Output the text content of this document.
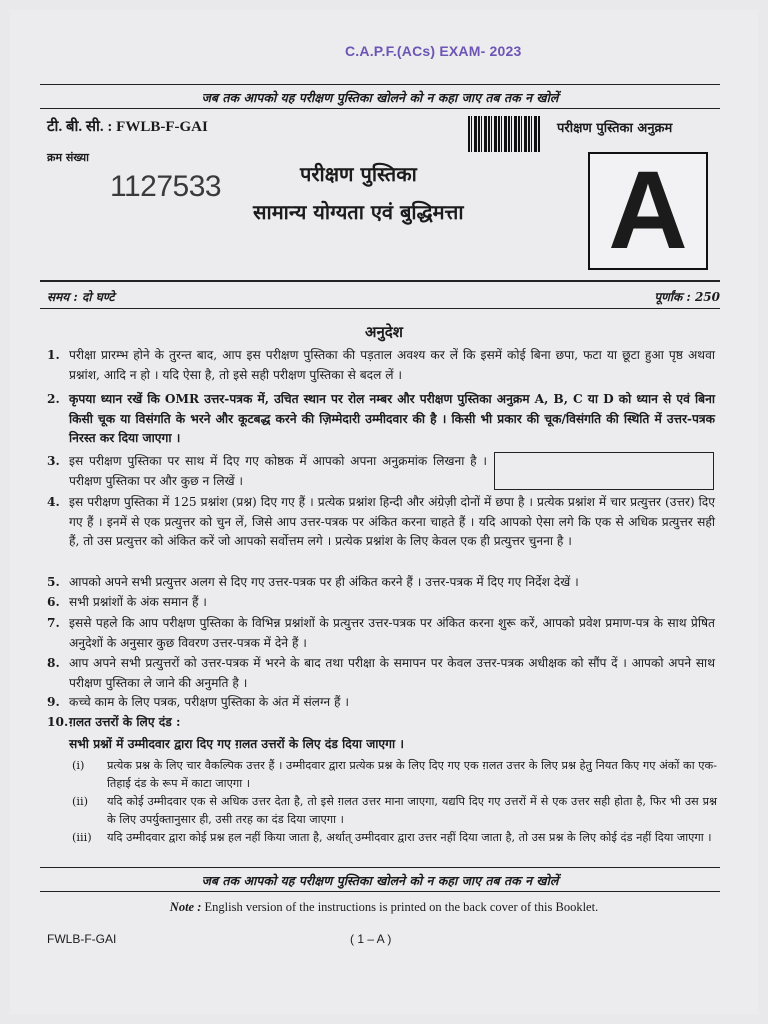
C.A.P.F.(ACs) EXAM- 2023
जब तक आपको यह परीक्षण पुस्तिका खोलने को न कहा जाए तब तक न खोलें
टी. बी. सी. : FWLB-F-GAI
क्रम संख्या
1127533
परीक्षण पुस्तिका अनुक्रम
A
परीक्षण पुस्तिका
सामान्य योग्यता एवं बुद्धिमत्ता
समय : दो घण्टे	पूर्णांक : 250
अनुदेश
1. परीक्षा प्रारम्भ होने के तुरन्त बाद, आप इस परीक्षण पुस्तिका की पड़ताल अवश्य कर लें कि इसमें कोई बिना छपा, फटा या छूटा हुआ पृष्ठ अथवा प्रश्नांश, आदि न हो । यदि ऐसा है, तो इसे सही परीक्षण पुस्तिका से बदल लें ।
2. कृपया ध्यान रखें कि OMR उत्तर-पत्रक में, उचित स्थान पर रोल नम्बर और परीक्षण पुस्तिका अनुक्रम A, B, C या D को ध्यान से एवं बिना किसी चूक या विसंगति के भरने और कूटबद्ध करने की ज़िम्मेदारी उम्मीदवार की है । किसी भी प्रकार की चूक/विसंगति की स्थिति में उत्तर-पत्रक निरस्त कर दिया जाएगा ।
3. इस परीक्षण पुस्तिका पर साथ में दिए गए कोष्ठक में आपको अपना अनुक्रमांक लिखना है । परीक्षण पुस्तिका पर और कुछ न लिखें ।
4. इस परीक्षण पुस्तिका में 125 प्रश्नांश (प्रश्न) दिए गए हैं । प्रत्येक प्रश्नांश हिन्दी और अंग्रेज़ी दोनों में छपा है । प्रत्येक प्रश्नांश में चार प्रत्युत्तर (उत्तर) दिए गए हैं । इनमें से एक प्रत्युत्तर को चुन लें, जिसे आप उत्तर-पत्रक पर अंकित करना चाहते हैं । यदि आपको ऐसा लगे कि एक से अधिक प्रत्युत्तर सही हैं, तो उस प्रत्युत्तर को अंकित करें जो आपको सर्वोत्तम लगे । प्रत्येक प्रश्नांश के लिए केवल एक ही प्रत्युत्तर चुनना है ।
5. आपको अपने सभी प्रत्युत्तर अलग से दिए गए उत्तर-पत्रक पर ही अंकित करने हैं । उत्तर-पत्रक में दिए गए निर्देश देखें ।
6. सभी प्रश्नांशों के अंक समान हैं ।
7. इससे पहले कि आप परीक्षण पुस्तिका के विभिन्न प्रश्नांशों के प्रत्युत्तर उत्तर-पत्रक पर अंकित करना शुरू करें, आपको प्रवेश प्रमाण-पत्र के साथ प्रेषित अनुदेशों के अनुसार कुछ विवरण उत्तर-पत्रक में देने हैं ।
8. आप अपने सभी प्रत्युत्तरों को उत्तर-पत्रक में भरने के बाद तथा परीक्षा के समापन पर केवल उत्तर-पत्रक अधीक्षक को सौंप दें । आपको अपने साथ परीक्षण पुस्तिका ले जाने की अनुमति है ।
9. कच्चे काम के लिए पत्रक, परीक्षण पुस्तिका के अंत में संलग्न हैं ।
10. ग़लत उत्तरों के लिए दंड :
सभी प्रश्नों में उम्मीदवार द्वारा दिए गए ग़लत उत्तरों के लिए दंड दिया जाएगा ।
(i) प्रत्येक प्रश्न के लिए चार वैकल्पिक उत्तर हैं । उम्मीदवार द्वारा प्रत्येक प्रश्न के लिए दिए गए एक ग़लत उत्तर के लिए प्रश्न हेतु नियत किए गए अंकों का एक-तिहाई दंड के रूप में काटा जाएगा ।
(ii) यदि कोई उम्मीदवार एक से अधिक उत्तर देता है, तो इसे ग़लत उत्तर माना जाएगा, यद्यपि दिए गए उत्तरों में से एक उत्तर सही होता है, फिर भी उस प्रश्न के लिए उपर्युक्तानुसार ही, उसी तरह का दंड दिया जाएगा ।
(iii) यदि उम्मीदवार द्वारा कोई प्रश्न हल नहीं किया जाता है, अर्थात् उम्मीदवार द्वारा उत्तर नहीं दिया जाता है, तो उस प्रश्न के लिए कोई दंड नहीं दिया जाएगा ।
जब तक आपको यह परीक्षण पुस्तिका खोलने को न कहा जाए तब तक न खोलें
Note : English version of the instructions is printed on the back cover of this Booklet.
FWLB-F-GAI	( 1 – A )
